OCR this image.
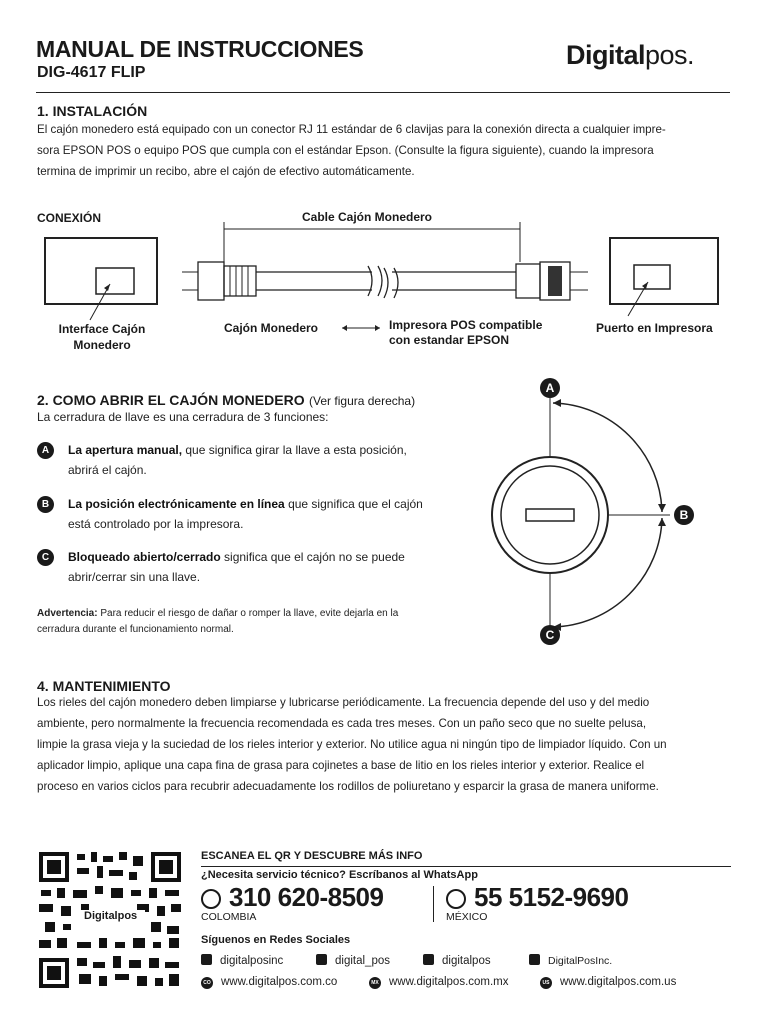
MANUAL DE INSTRUCCIONES
DIG-4617 FLIP
Digitalpos.
1. INSTALACIÓN
El cajón monedero está equipado con un conector RJ 11 estándar de 6 clavijas para la conexión directa a cualquier impre-
sora EPSON POS o equipo POS que cumpla con el estándar Epson. (Consulte la figura siguiente), cuando la impresora
termina de imprimir un recibo, abre el cajón de efectivo automáticamente.
CONEXIÓN	Cable Cajón Monedero
Interface Cajón
Monedero
Cajón Monedero	Impresora POS compatible
con estandar EPSON
Puerto en Impresora
2. COMO ABRIR EL CAJÓN MONEDERO (Ver figura derecha)
La cerradura de llave es una cerradura de 3 funciones:
A	La apertura manual, que significa girar la llave a esta posición,
abrirá el cajón.
B	La posición electrónicamente en línea que significa que el cajón
está controlado por la impresora.
C	Bloqueado abierto/cerrado significa que el cajón no se puede
abrir/cerrar sin una llave.
Advertencia: Para reducir el riesgo de dañar o romper la llave, evite dejarla en la
cerradura durante el funcionamiento normal.
A
B
C
4. MANTENIMIENTO
Los rieles del cajón monedero deben limpiarse y lubricarse periódicamente. La frecuencia depende del uso y del medio
ambiente, pero normalmente la frecuencia recomendada es cada tres meses. Con un paño seco que no suelte pelusa,
limpie la grasa vieja y la suciedad de los rieles interior y exterior. No utilice agua ni ningún tipo de limpiador líquido. Con un
aplicador limpio, aplique una capa fina de grasa para cojinetes a base de litio en los rieles interior y exterior. Realice el
proceso en varios ciclos para recubrir adecuadamente los rodillos de poliuretano y esparcir la grasa de manera uniforme.
Digitalpos
ESCANEA EL QR Y DESCUBRE MÁS INFO
¿Necesita servicio técnico? Escríbanos al WhatsApp
310 620-8509
COLOMBIA
55 5152-9690
MÉXICO
Síguenos en Redes Sociales
digitalposinc	digital_pos	digitalpos	DigitalPosInc.
CO www.digitalpos.com.co	MX www.digitalpos.com.mx	US www.digitalpos.com.us
